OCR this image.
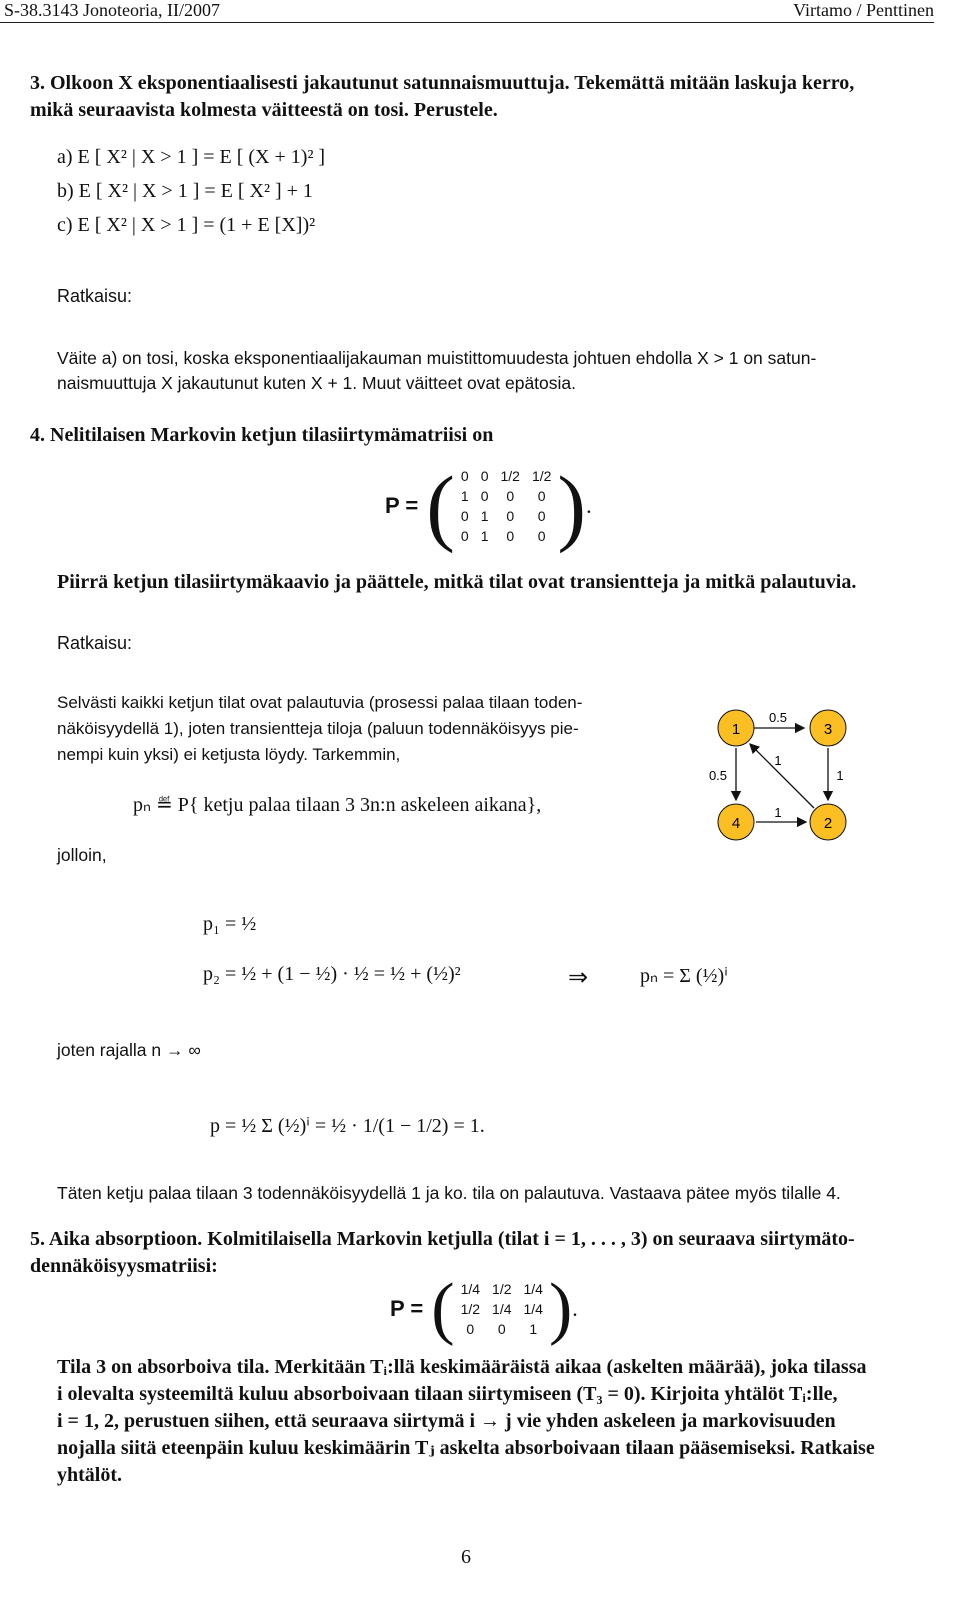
S-38.3143 Jonoteoria, II/2007	Virtamo / Penttinen
3. Olkoon X eksponentiaalisesti jakautunut satunnaismuuttuja. Tekemättä mitään laskuja kerro,
mikä seuraavista kolmesta väitteestä on tosi. Perustele.
a) E [ X² | X > 1 ] = E [ (X + 1)² ]
b) E [ X² | X > 1 ] = E [ X² ] + 1
c) E [ X² | X > 1 ] = (1 + E [X])²
Ratkaisu:
Väite a) on tosi, koska eksponentiaalijakauman muistittomuudesta johtuen ehdolla X > 1 on satun-
naismuuttuja X jakautunut kuten X + 1. Muut väitteet ovat epätosia.
4. Nelitilaisen Markovin ketjun tilasiirtymämatriisi on
P = ( 0	0	1/2	1/2
1	0	0	0
0	1	0	0
0	1	0	0 ) .
Piirrä ketjun tilasiirtymäkaavio ja päättele, mitkä tilat ovat transientteja ja mitkä palautuvia.
Ratkaisu:
Selvästi kaikki ketjun tilat ovat palautuvia (prosessi palaa tilaan toden-
näköisyydellä 1), joten transientteja tiloja (paluun todennäköisyys pie-
nempi kuin yksi) ei ketjusta löydy. Tarkemmin,
1	3
4	2
0.5
1
1
0.5
1
pₙ ≝ P{ ketju palaa tilaan 3 3n:n askeleen aikana},
jolloin,
p₁ = ½
p₂ = ½ + (1 − ½) · ½ = ½ + (½)²	⇒	pₙ = Σ (½)ⁱ
joten rajalla n → ∞
p = ½ Σ (½)ⁱ = ½ · 1/(1 − 1/2) = 1.
Täten ketju palaa tilaan 3 todennäköisyydellä 1 ja ko. tila on palautuva. Vastaava pätee myös tilalle 4.
5. Aika absorptioon. Kolmitilaisella Markovin ketjulla (tilat i = 1, . . . , 3) on seuraava siirtymäto-
dennäköisyysmatriisi:
P = ( 1/4	1/2	1/4
1/2	1/4	1/4
0	0	1 ) .
Tila 3 on absorboiva tila. Merkitään Tᵢ:llä keskimääräistä aikaa (askelten määrää), joka tilassa
i olevalta systeemiltä kuluu absorboivaan tilaan siirtymiseen (T₃ = 0). Kirjoita yhtälöt Tᵢ:lle,
i = 1, 2, perustuen siihen, että seuraava siirtymä i → j vie yhden askeleen ja markovisuuden
nojalla siitä eteenpäin kuluu keskimäärin Tⱼ askelta absorboivaan tilaan pääsemiseksi. Ratkaise
yhtälöt.
6
